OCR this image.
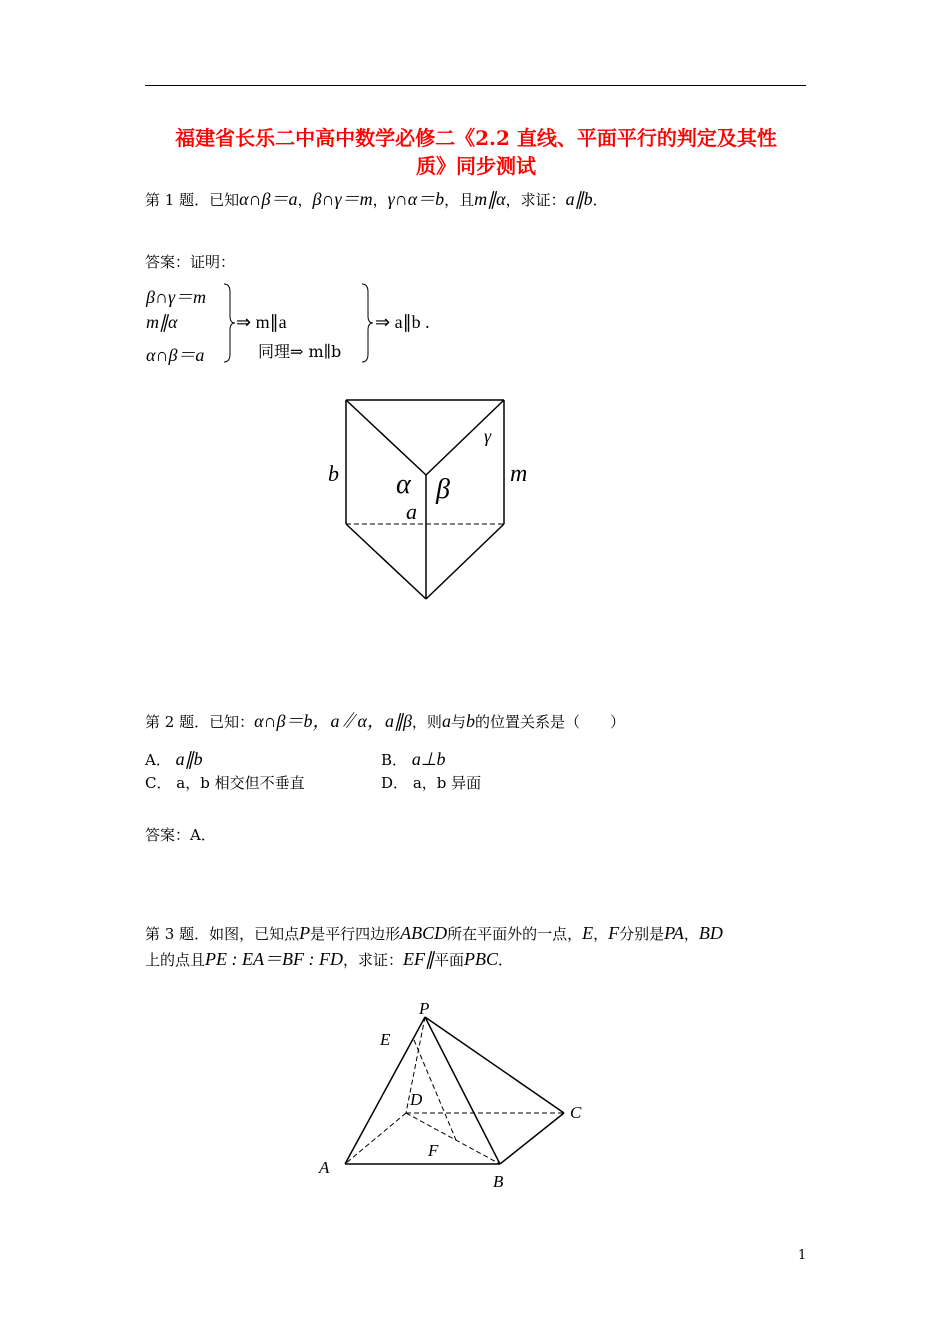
福建省长乐二中高中数学必修二《2.2 直线、平面平行的判定及其性
质》同步测试
第 1 题．已知α∩β＝a，β∩γ＝m，γ∩α＝b，且m∥α，求证：a∥b．
答案：证明：
β∩γ＝m
m∥α
α∩β＝a
⇒ m∥a
同理⇒ m∥b
⇒ a∥b .
b α β
γ
m
a
第 2 题．已知：α∩β＝b，a∥α，a∥β，则a与b的位置关系是（　　）
A． a∥b	B． a⊥b
C． a，b 相交但不垂直	D． a，b 异面
答案：A．
第 3 题．如图，已知点P是平行四边形ABCD所在平面外的一点，E，F分别是PA，BD
上的点且PE : EA＝BF : FD，求证：EF∥平面PBC．
P
E
D
C
F
A
B
1
